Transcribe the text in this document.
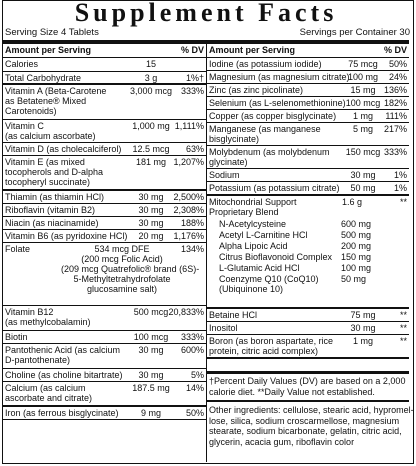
Supplement Facts
Serving Size 4 Tablets	Servings per Container 30
Amount per Serving	% DV
Calories	15
Total Carbohydrate	3 g	1%†
Vitamin A (Beta-Carotene
as Betatene® Mixed
Carotenoids)
3,000 mcg 333%
Vitamin C
(as calcium ascorbate)
1,000 mg 1,111%
Vitamin D (as cholecalciferol)	12.5 mcg	63%
Vitamin E (as mixed
tocopherols and D-alpha
tocopheryl succinate)
181 mg 1,207%
Thiamin (as thiamin HCl)	30 mg	2,500%
Riboflavin (vitamin B2)	30 mg	2,308%
Niacin (as niacinamide)	30 mg	188%
Vitamin B6 (as pyridoxine HCl)	20 mg	1,176%
Folate	534 mcg DFE
(200 mcg Folic Acid)
(209 mcg Quatrefolic® brand (6S)-
5-Methyltetrahydrofolate
glucosamine salt)
134%
Vitamin B12
(as methylcobalamin)
500 mcg 20,833%
Biotin	100 mcg	333%
Pantothenic Acid (as calcium
D-pantothenate)
30 mg	600%
Choline (as choline bitartrate)	30 mg	5%
Calcium (as calcium
ascorbate and citrate)
187.5 mg	14%
Iron (as ferrous bisglycinate)	9 mg	50%
Amount per Serving	% DV
Iodine (as potassium iodide)	75 mcg	50%
Magnesium (as magnesium citrate)
100 mg	24%
Zinc (as zinc picolinate)	15 mg 136%
Selenium (as L-selenomethionine) 100 mcg 182%
Copper (as copper bisglycinate)	1 mg	111%
Manganese (as manganese
bisglycinate)
5 mg	217%
Molybdenum (as molybdenum
glycinate)
150 mcg 333%
Sodium	30 mg	1%
Potassium (as potassium citrate)	50 mg	1%
Mitochondrial Support	1.6 g	**
Proprietary Blend
N-Acetylcysteine	600 mg
Acetyl L-Carnitine HCl	500 mg
Alpha Lipoic Acid	200 mg
Citrus Bioflavonoid Complex 150 mg
L-Glutamic Acid HCl	100 mg
Coenzyme Q10 (CoQ10)
(Ubiquinone 10)
50 mg
Betaine HCl	75 mg	**
Inositol	30 mg	**
Boron (as boron aspartate, rice
protein, citric acid complex)
1 mg	**
†Percent Daily Values (DV) are based on a 2,000
calorie diet. **Daily Value not established.
Other ingredients: cellulose, stearic acid, hypromel-
lose, silica, sodium croscarmellose, magnesium
stearate, sodium bicarbonate, gelatin, citric acid,
glycerin, acacia gum, riboflavin color
